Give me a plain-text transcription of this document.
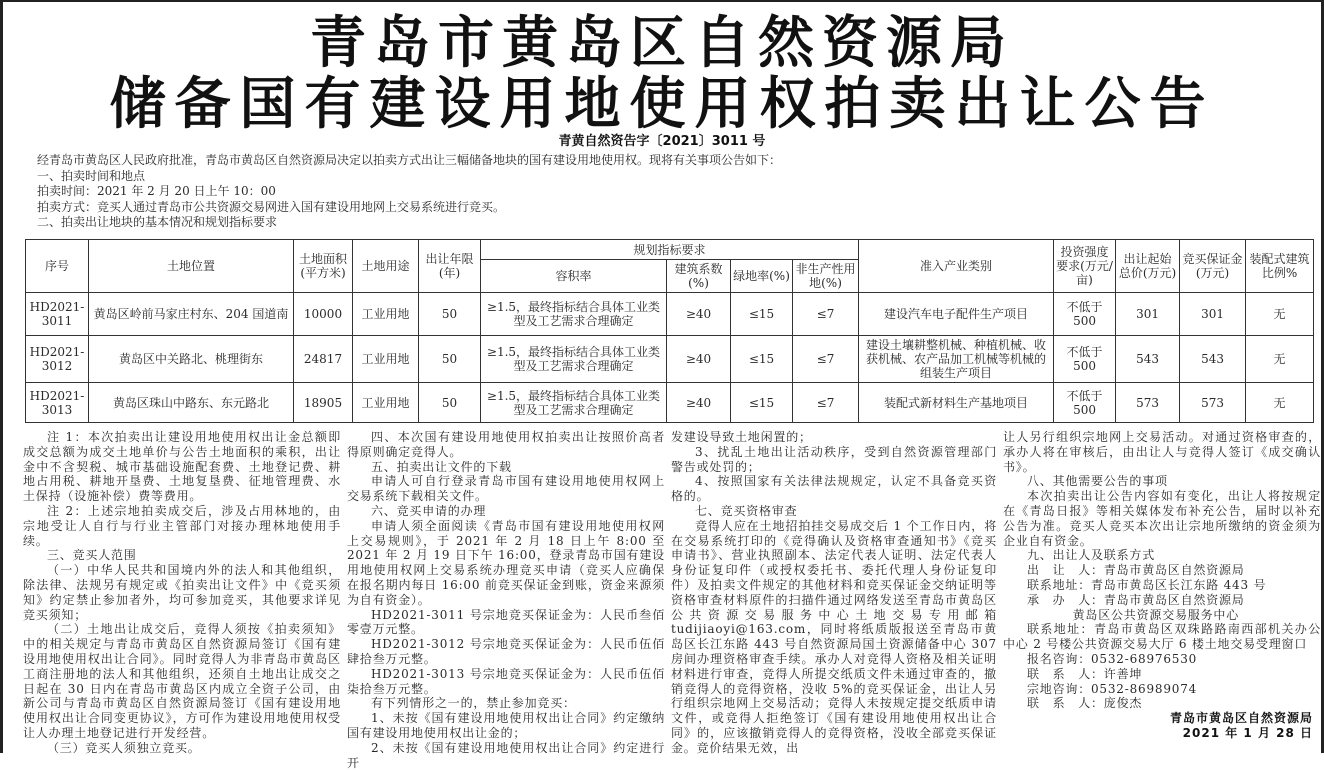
青岛市黄岛区自然资源局
储备国有建设用地使用权拍卖出让公告
青黄自然资告字〔2021〕3011 号
经青岛市黄岛区人民政府批准，青岛市黄岛区自然资源局决定以拍卖方式出让三幅储备地块的国有建设用地使用权。现将有关事项公告如下：
一、拍卖时间和地点
拍卖时间：2021 年 2 月 20 日上午 10：00
拍卖方式：竞买人通过青岛市公共资源交易网进入国有建设用地网上交易系统进行竞买。
二、拍卖出让地块的基本情况和规划指标要求
序号	土地位置	土地面积(平方米)	土地用途	出让年限(年)	规划指标要求				准入产业类别	投资强度要求(万元/亩)	出让起始总价(万元)	竞买保证金(万元)	装配式建筑比例%
					容积率	建筑系数(%)	绿地率(%)	非生产性用地(%)					
HD2021-3011	黄岛区岭前马家庄村东、204 国道南	10000	工业用地	50	≥1.5，最终指标结合具体工业类型及工艺需求合理确定	≥40	≤15	≤7	建设汽车电子配件生产项目	不低于 500	301	301	无
HD2021-3012	黄岛区中关路北、桃理街东	24817	工业用地	50	≥1.5，最终指标结合具体工业类型及工艺需求合理确定	≥40	≤15	≤7	建设土壤耕整机械、种植机械、收获机械、农产品加工机械等机械的组装生产项目	不低于 500	543	543	无
HD2021-3013	黄岛区珠山中路东、东元路北	18905	工业用地	50	≥1.5，最终指标结合具体工业类型及工艺需求合理确定	≥40	≤15	≤7	装配式新材料生产基地项目	不低于 500	573	573	无

注 1：本次拍卖出让建设用地使用权出让金总额即成交总额为成交土地单价与公告土地面积的乘积，出让金中不含契税、城市基础设施配套费、土地登记费、耕地占用税、耕地开垦费、土地复垦费、征地管理费、水土保持（设施补偿）费等费用。

注 2：上述宗地拍卖成交后，涉及占用林地的，由宗地受让人自行与行业主管部门对接办理林地使用手续。

三、竞买人范围

（一）中华人民共和国境内外的法人和其他组织，除法律、法规另有规定或《拍卖出让文件》中《竞买须知》约定禁止参加者外，均可参加竞买，其他要求详见竞买须知；

（二）土地出让成交后，竞得人须按《拍卖须知》中的相关规定与青岛市黄岛区自然资源局签订《国有建设用地使用权出让合同》。同时竞得人为非青岛市黄岛区工商注册地的法人和其他组织，还须自土地出让成交之日起在 30 日内在青岛市黄岛区内成立全资子公司，由新公司与青岛市黄岛区自然资源局签订《国有建设用地使用权出让合同变更协议》，方可作为建设用地使用权受让人办理土地登记进行开发经营。

（三）竞买人须独立竞买。

四、本次国有建设用地使用权拍卖出让按照价高者得原则确定竞得人。

五、拍卖出让文件的下载

申请人可自行登录青岛市国有建设用地使用权网上交易系统下载相关文件。

六、竞买申请的办理

申请人须全面阅读《青岛市国有建设用地使用权网上交易规则》，于 2021 年 2 月 18 日上午 8:00 至 2021 年 2 月 19 日下午 16:00，登录青岛市国有建设用地使用权网上交易系统办理竞买申请（竞买人应确保在报名期内每日 16:00 前竞买保证金到账，资金来源须为自有资金）。

HD2021-3011 号宗地竞买保证金为：人民币叁佰零壹万元整。

HD2021-3012 号宗地竞买保证金为：人民币伍佰肆拾叁万元整。

HD2021-3013 号宗地竞买保证金为：人民币伍佰柒拾叁万元整。

有下列情形之一的，禁止参加竞买：

1、未按《国有建设用地使用权出让合同》约定缴纳国有建设用地使用权出让金的；

2、未按《国有建设用地使用权出让合同》约定进行开

发建设导致土地闲置的；

3、扰乱土地出让活动秩序，受到自然资源管理部门警告或处罚的；

4、按照国家有关法律法规规定，认定不具备竞买资格的。

七、竞买资格审查

竞得人应在土地招拍挂交易成交后 1 个工作日内，将在交易系统打印的《竞得确认及资格审查通知书》《竞买申请书》、营业执照副本、法定代表人证明、法定代表人身份证复印件（或授权委托书、委托代理人身份证复印件）及拍卖文件规定的其他材料和竞买保证金交纳证明等资格审查材料原件的扫描件通过网络发送至青岛市黄岛区公共资源交易服务中心土地交易专用邮箱 tudijiaoyi@163.com，同时将纸质版报送至青岛市黄岛区长江东路 443 号自然资源局国土资源储备中心 307 房间办理资格审查手续。承办人对竞得人资格及相关证明材料进行审查，竞得人所提交纸质文件未通过审查的，撤销竞得人的竞得资格，没收 5%的竞买保证金，出让人另行组织宗地网上交易活动；竞得人未按规定提交纸质申请文件，或竞得人拒绝签订《国有建设用地使用权出让合同》的，应该撤销竞得人的竞得资格，没收全部竞买保证金。竞价结果无效，出

让人另行组织宗地网上交易活动。对通过资格审查的，承办人将在审核后，由出让人与竞得人签订《成交确认书》。

八、其他需要公告的事项

本次拍卖出让公告内容如有变化，出让人将按规定在《青岛日报》等相关媒体发布补充公告，届时以补充公告为准。竞买人竞买本次出让宗地所缴纳的资金须为企业自有资金。

九、出让人及联系方式

出　让　人：青岛市黄岛区自然资源局

联系地址：青岛市黄岛区长江东路 443 号

承　办　人：青岛市黄岛区自然资源局

黄岛区公共资源交易服务中心

联系地址：青岛市黄岛区双珠路路南西部机关办公中心 2 号楼公共资源交易大厅 6 楼土地交易受理窗口

报名咨询：0532-68976530

联　系　人：许善坤

宗地咨询：0532-86989074

联　系　人：庞俊杰

青岛市黄岛区自然资源局

2021 年 1 月 28 日
